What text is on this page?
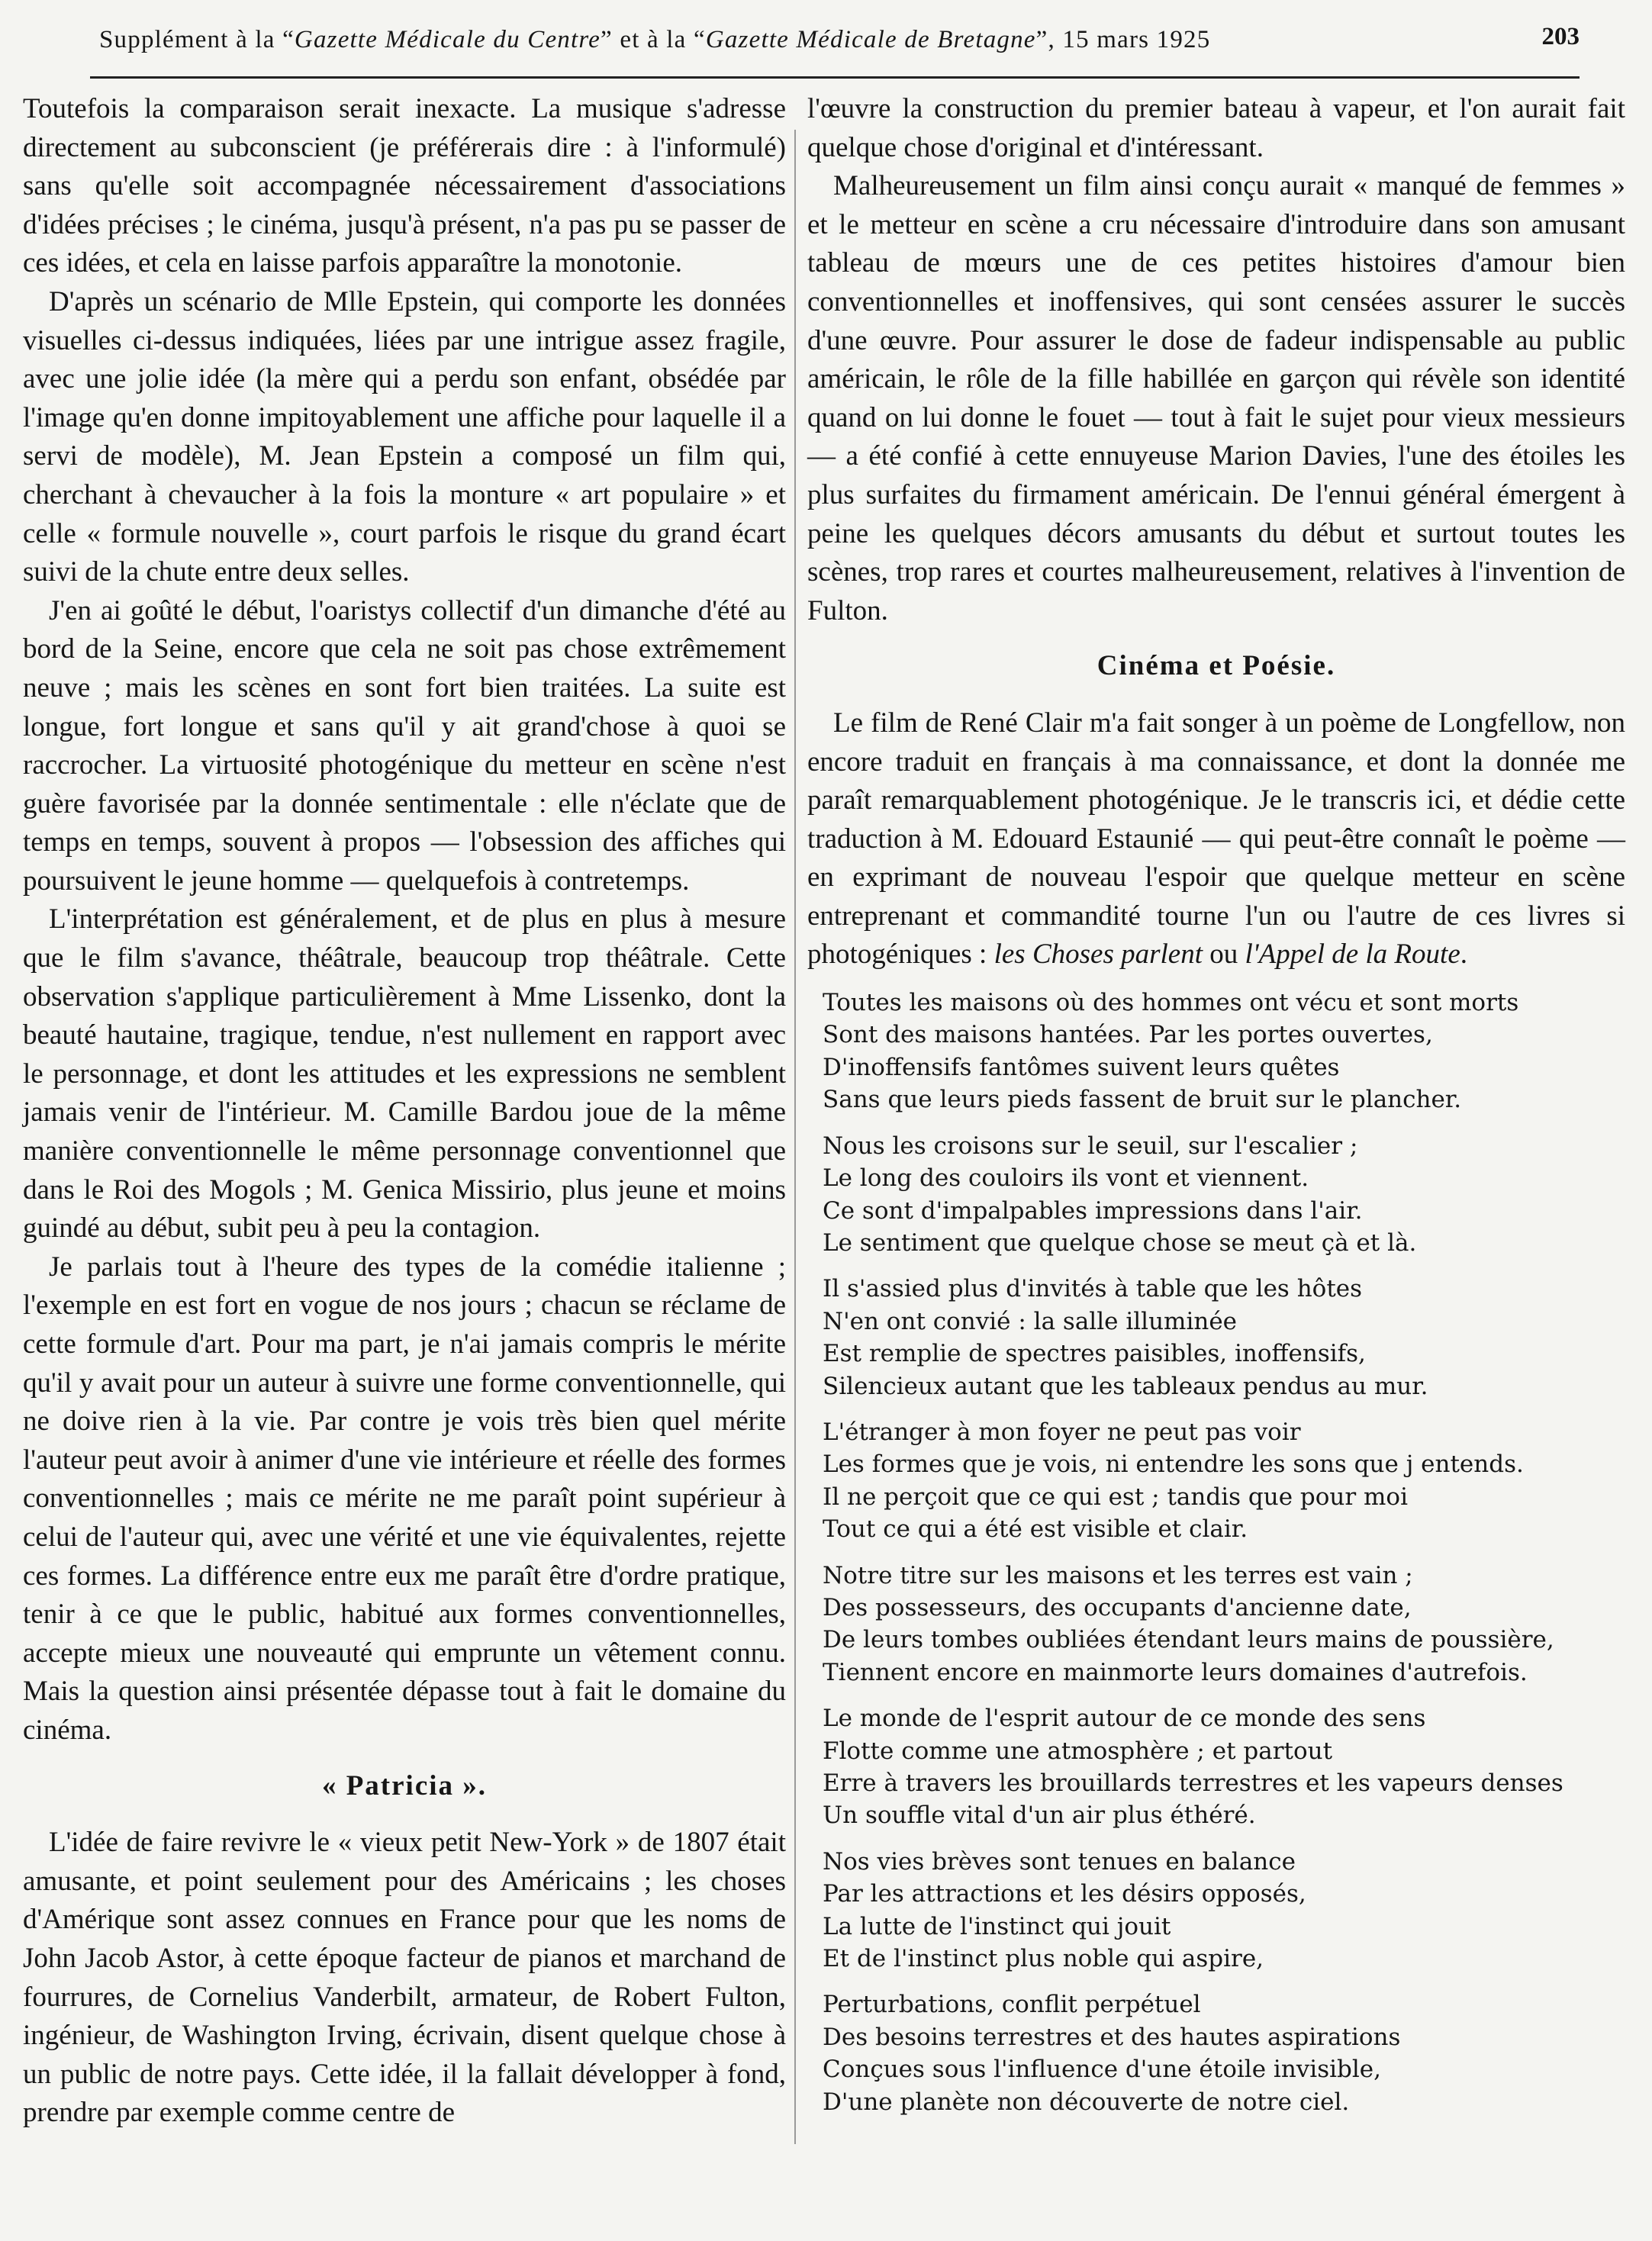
Supplément à la “Gazette Médicale du Centre” et à la “Gazette Médicale de Bretagne”, 15 mars 1925	203

Toutefois la comparaison serait inexacte. La musique s'adresse directement au subconscient (je préférerais dire : à l'informulé) sans qu'elle soit accompagnée nécessairement d'associations d'idées précises ; le cinéma, jusqu'à présent, n'a pas pu se passer de ces idées, et cela en laisse parfois apparaître la monotonie.

D'après un scénario de Mlle Epstein, qui comporte les données visuelles ci-dessus indiquées, liées par une intrigue assez fragile, avec une jolie idée (la mère qui a perdu son enfant, obsédée par l'image qu'en donne impitoyablement une affiche pour laquelle il a servi de modèle), M. Jean Epstein a composé un film qui, cherchant à chevaucher à la fois la monture « art populaire » et celle « formule nouvelle », court parfois le risque du grand écart suivi de la chute entre deux selles.

J'en ai goûté le début, l'oaristys collectif d'un dimanche d'été au bord de la Seine, encore que cela ne soit pas chose extrêmement neuve ; mais les scènes en sont fort bien traitées. La suite est longue, fort longue et sans qu'il y ait grand'chose à quoi se raccrocher. La virtuosité photogénique du metteur en scène n'est guère favorisée par la donnée sentimentale : elle n'éclate que de temps en temps, souvent à propos — l'obsession des affiches qui poursuivent le jeune homme — quelquefois à contretemps.

L'interprétation est généralement, et de plus en plus à mesure que le film s'avance, théâtrale, beaucoup trop théâtrale. Cette observation s'applique particulièrement à Mme Lissenko, dont la beauté hautaine, tragique, tendue, n'est nullement en rapport avec le personnage, et dont les attitudes et les expressions ne semblent jamais venir de l'intérieur. M. Camille Bardou joue de la même manière conventionnelle le même personnage conventionnel que dans le Roi des Mogols ; M. Genica Missirio, plus jeune et moins guindé au début, subit peu à peu la contagion.

Je parlais tout à l'heure des types de la comédie italienne ; l'exemple en est fort en vogue de nos jours ; chacun se réclame de cette formule d'art. Pour ma part, je n'ai jamais compris le mérite qu'il y avait pour un auteur à suivre une forme conventionnelle, qui ne doive rien à la vie. Par contre je vois très bien quel mérite l'auteur peut avoir à animer d'une vie intérieure et réelle des formes conventionnelles ; mais ce mérite ne me paraît point supérieur à celui de l'auteur qui, avec une vérité et une vie équivalentes, rejette ces formes. La différence entre eux me paraît être d'ordre pratique, tenir à ce que le public, habitué aux formes conventionnelles, accepte mieux une nouveauté qui emprunte un vêtement connu. Mais la question ainsi présentée dépasse tout à fait le domaine du cinéma.

« Patricia ».

L'idée de faire revivre le « vieux petit New-York » de 1807 était amusante, et point seulement pour des Américains ; les choses d'Amérique sont assez connues en France pour que les noms de John Jacob Astor, à cette époque facteur de pianos et marchand de fourrures, de Cornelius Vanderbilt, armateur, de Robert Fulton, ingénieur, de Washington Irving, écrivain, disent quelque chose à un public de notre pays. Cette idée, il la fallait développer à fond, prendre par exemple comme centre de

l'œuvre la construction du premier bateau à vapeur, et l'on aurait fait quelque chose d'original et d'intéressant.

Malheureusement un film ainsi conçu aurait « manqué de femmes » et le metteur en scène a cru nécessaire d'introduire dans son amusant tableau de mœurs une de ces petites histoires d'amour bien conventionnelles et inoffensives, qui sont censées assurer le succès d'une œuvre. Pour assurer le dose de fadeur indispensable au public américain, le rôle de la fille habillée en garçon qui révèle son identité quand on lui donne le fouet — tout à fait le sujet pour vieux messieurs — a été confié à cette ennuyeuse Marion Davies, l'une des étoiles les plus surfaites du firmament américain. De l'ennui général émergent à peine les quelques décors amusants du début et surtout toutes les scènes, trop rares et courtes malheureusement, relatives à l'invention de Fulton.

Cinéma et Poésie.

Le film de René Clair m'a fait songer à un poème de Longfellow, non encore traduit en français à ma connaissance, et dont la donnée me paraît remarquablement photogénique. Je le transcris ici, et dédie cette traduction à M. Edouard Estaunié — qui peut-être connaît le poème — en exprimant de nouveau l'espoir que quelque metteur en scène entreprenant et commandité tourne l'un ou l'autre de ces livres si photogéniques : les Choses parlent ou l'Appel de la Route.

Toutes les maisons où des hommes ont vécu et sont morts
Sont des maisons hantées. Par les portes ouvertes,
D'inoffensifs fantômes suivent leurs quêtes
Sans que leurs pieds fassent de bruit sur le plancher.
Nous les croisons sur le seuil, sur l'escalier ;
Le long des couloirs ils vont et viennent.
Ce sont d'impalpables impressions dans l'air.
Le sentiment que quelque chose se meut çà et là.
Il s'assied plus d'invités à table que les hôtes
N'en ont convié : la salle illuminée
Est remplie de spectres paisibles, inoffensifs,
Silencieux autant que les tableaux pendus au mur.
L'étranger à mon foyer ne peut pas voir
Les formes que je vois, ni entendre les sons que j entends.
Il ne perçoit que ce qui est ; tandis que pour moi
Tout ce qui a été est visible et clair.
Notre titre sur les maisons et les terres est vain ;
Des possesseurs, des occupants d'ancienne date,
De leurs tombes oubliées étendant leurs mains de poussière,
Tiennent encore en mainmorte leurs domaines d'autrefois.
Le monde de l'esprit autour de ce monde des sens
Flotte comme une atmosphère ; et partout
Erre à travers les brouillards terrestres et les vapeurs denses
Un souffle vital d'un air plus éthéré.
Nos vies brèves sont tenues en balance
Par les attractions et les désirs opposés,
La lutte de l'instinct qui jouit
Et de l'instinct plus noble qui aspire,
Perturbations, conflit perpétuel
Des besoins terrestres et des hautes aspirations
Conçues sous l'influence d'une étoile invisible,
D'une planète non découverte de notre ciel.
